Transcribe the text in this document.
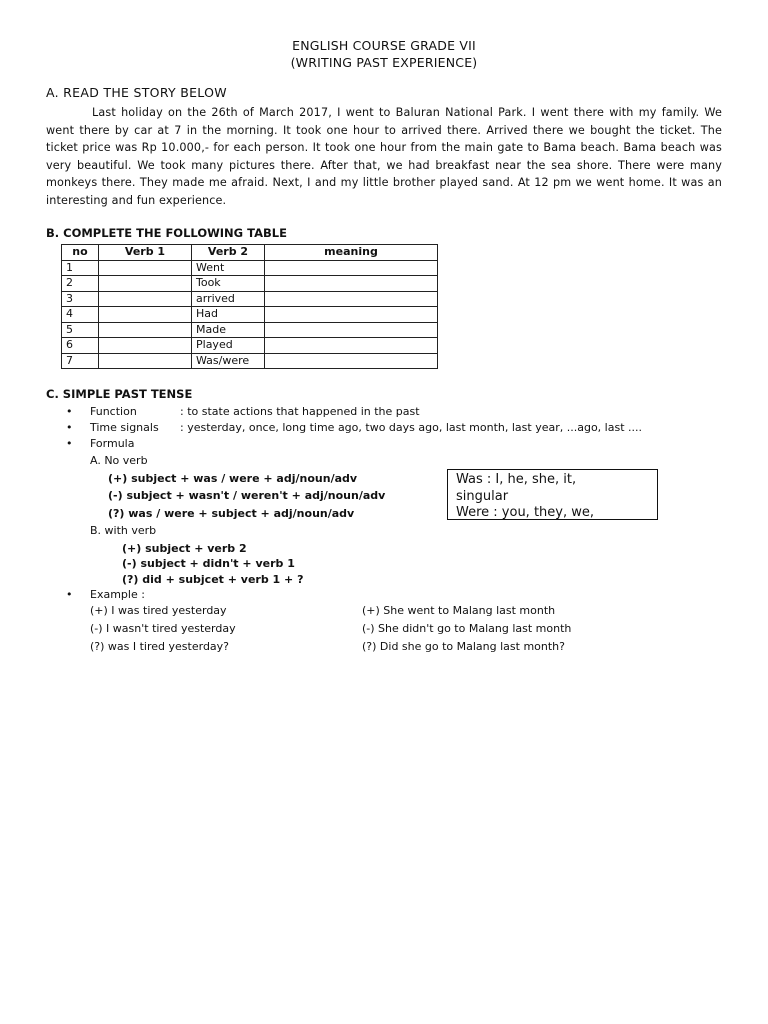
ENGLISH COURSE GRADE VII
(WRITING PAST EXPERIENCE)
A. READ THE STORY BELOW

Last holiday on the 26th of March 2017, I went to Baluran National Park. I went there with my family. We went there by car at 7 in the morning. It took one hour to arrived there. Arrived there we bought the ticket. The ticket price was Rp 10.000,- for each person. It took one hour from the main gate to Bama beach. Bama beach was very beautiful. We took many pictures there. After that, we had breakfast near the sea shore. There were many monkeys there. They made me afraid. Next, I and my little brother played sand. At 12 pm we went home. It was an interesting and fun experience.

B. COMPLETE THE FOLLOWING TABLE
no	Verb 1	Verb 2	meaning
1		Went	
2		Took	
3		arrived	
4		Had	
5		Made	
6		Played	
7		Was/were	
C. SIMPLE PAST TENSE
• Function	: to state actions that happened in the past
• Time signals : yesterday, once, long time ago, two days ago, last month, last year, ...ago, last ....
• Formula
A. No verb
(+) subject + was / were + adj/noun/adv
(-) subject + wasn't / weren't + adj/noun/adv
(?) was / were + subject + adj/noun/adv
Was : I, he, she, it,
singular
Were : you, they, we,
B. with verb
(+) subject + verb 2
(-) subject + didn't + verb 1
(?) did + subjcet + verb 1 + ?
• Example :
(+) I was tired yesterday
(-) I wasn't tired yesterday
(?) was I tired yesterday?
(+) She went to Malang last month
(-) She didn't go to Malang last month
(?) Did she go to Malang last month?
